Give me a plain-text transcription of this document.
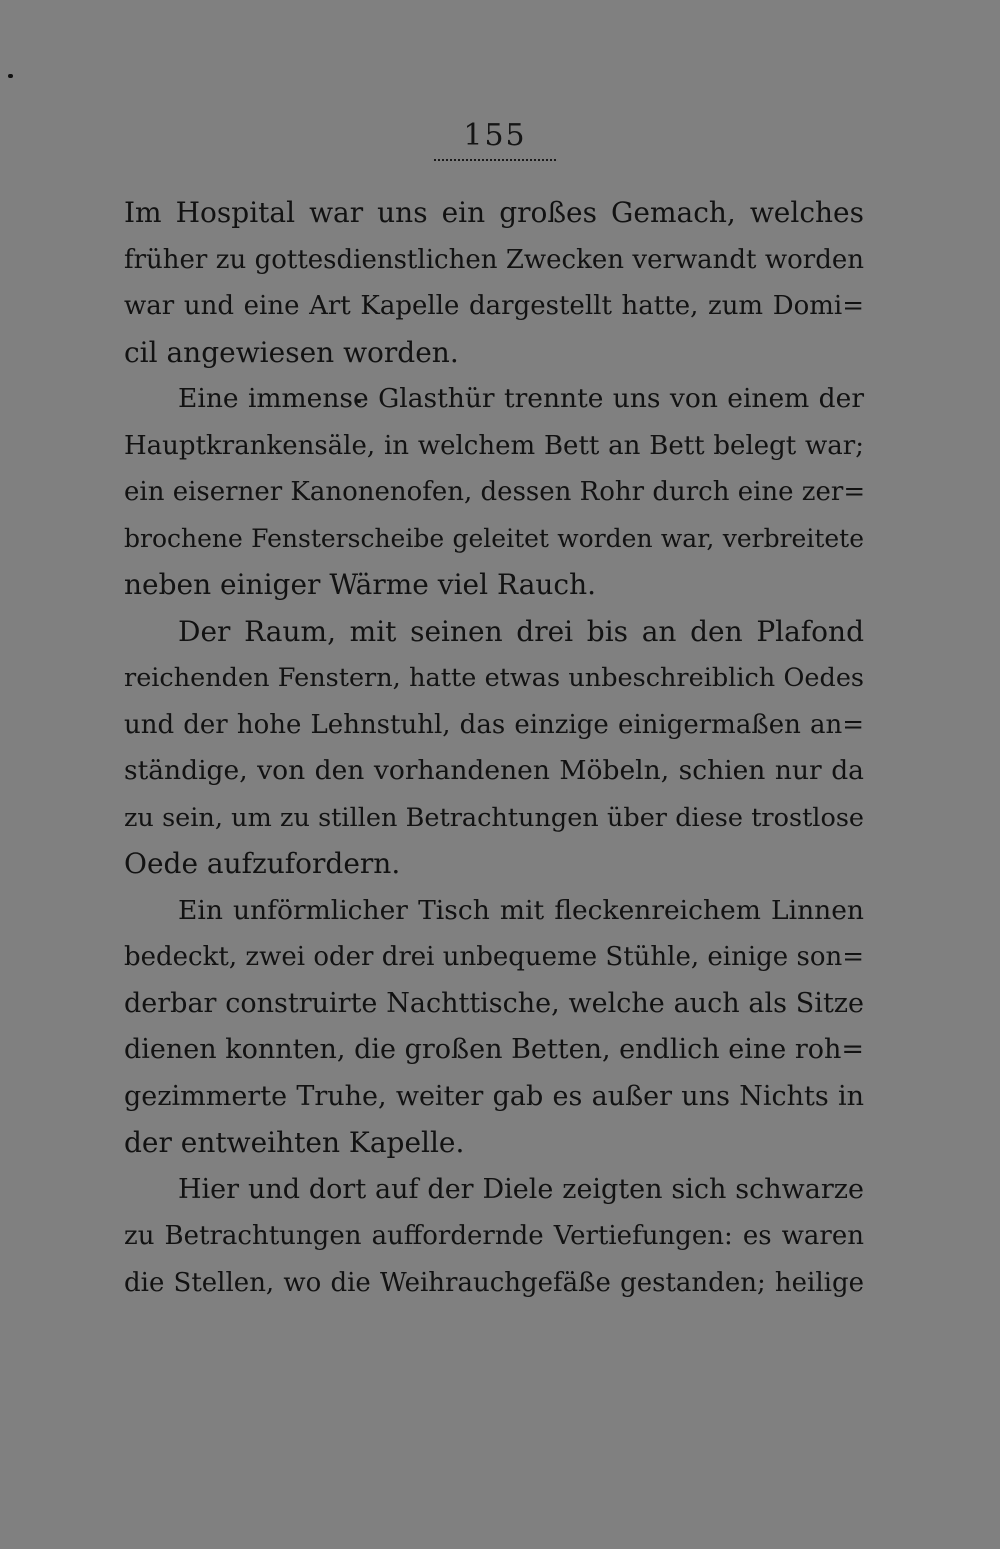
155
Im Hospital war uns ein großes Gemach, welches
früher zu gottesdienstlichen Zwecken verwandt worden
war und eine Art Kapelle dargestellt hatte, zum Domi=
cil angewiesen worden.
Eine immense Glasthür trennte uns von einem der
Hauptkrankensäle, in welchem Bett an Bett belegt war;
ein eiserner Kanonenofen, dessen Rohr durch eine zer=
brochene Fensterscheibe geleitet worden war, verbreitete
neben einiger Wärme viel Rauch.
Der Raum, mit seinen drei bis an den Plafond
reichenden Fenstern, hatte etwas unbeschreiblich Oedes
und der hohe Lehnstuhl, das einzige einigermaßen an=
ständige, von den vorhandenen Möbeln, schien nur da
zu sein, um zu stillen Betrachtungen über diese trostlose
Oede aufzufordern.
Ein unförmlicher Tisch mit fleckenreichem Linnen
bedeckt, zwei oder drei unbequeme Stühle, einige son=
derbar construirte Nachttische, welche auch als Sitze
dienen konnten, die großen Betten, endlich eine roh=
gezimmerte Truhe, weiter gab es außer uns Nichts in
der entweihten Kapelle.
Hier und dort auf der Diele zeigten sich schwarze
zu Betrachtungen auffordernde Vertiefungen: es waren
die Stellen, wo die Weihrauchgefäße gestanden; heilige
